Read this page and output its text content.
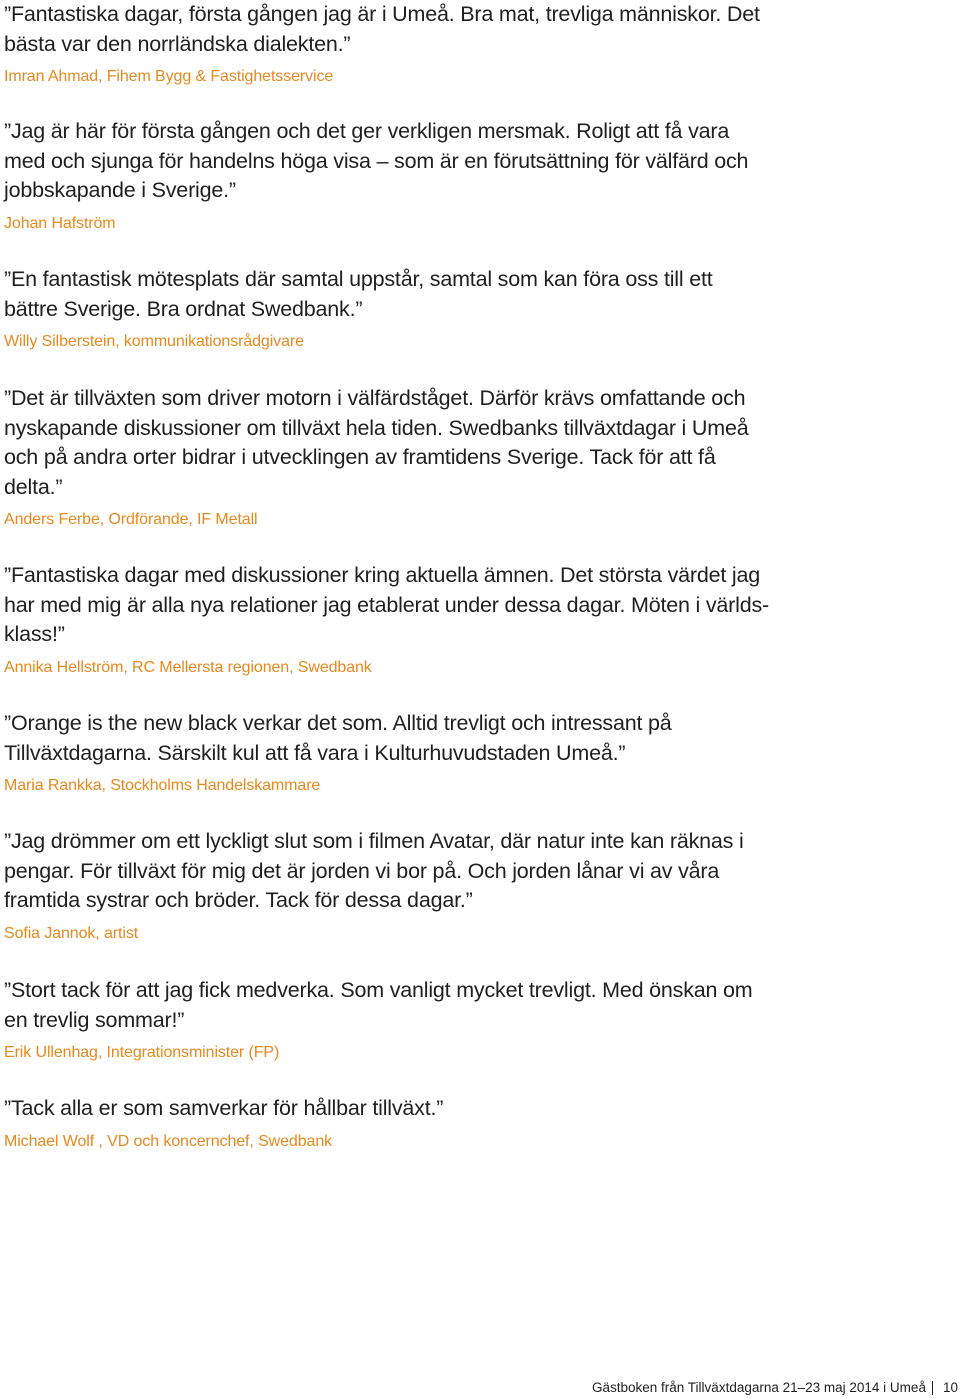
”Fantastiska dagar, första gången jag är i Umeå. Bra mat, trevliga människor. Det
bästa var den norrländska dialekten.”

Imran Ahmad, Fihem Bygg & Fastighetsservice

”Jag är här för första gången och det ger verkligen mersmak. Roligt att få vara
med och sjunga för handelns höga visa – som är en förutsättning för välfärd och
jobbskapande i Sverige.”

Johan Hafström

”En fantastisk mötesplats där samtal uppstår, samtal som kan föra oss till ett
bättre Sverige. Bra ordnat Swedbank.”

Willy Silberstein, kommunikationsrådgivare

”Det är tillväxten som driver motorn i välfärdståget. Därför krävs omfattande och
nyskapande diskussioner om tillväxt hela tiden. Swedbanks tillväxtdagar i Umeå
och på andra orter bidrar i utvecklingen av framtidens Sverige. Tack för att få
delta.”

Anders Ferbe, Ordförande, IF Metall

”Fantastiska dagar med diskussioner kring aktuella ämnen. Det största värdet jag
har med mig är alla nya relationer jag etablerat under dessa dagar. Möten i världs-
klass!”

Annika Hellström, RC Mellersta regionen, Swedbank

”Orange is the new black verkar det som. Alltid trevligt och intressant på
Tillväxtdagarna. Särskilt kul att få vara i Kulturhuvudstaden Umeå.”

Maria Rankka, Stockholms Handelskammare

”Jag drömmer om ett lyckligt slut som i filmen Avatar, där natur inte kan räknas i
pengar. För tillväxt för mig det är jorden vi bor på. Och jorden lånar vi av våra
framtida systrar och bröder. Tack för dessa dagar.”

Sofia Jannok, artist

”Stort tack för att jag fick medverka. Som vanligt mycket trevligt. Med önskan om
en trevlig sommar!”

Erik Ullenhag, Integrationsminister (FP)

”Tack alla er som samverkar för hållbar tillväxt.”

Michael Wolf , VD och koncernchef, Swedbank

Gästboken från Tillväxtdagarna 21–23 maj 2014 i Umeå	10
